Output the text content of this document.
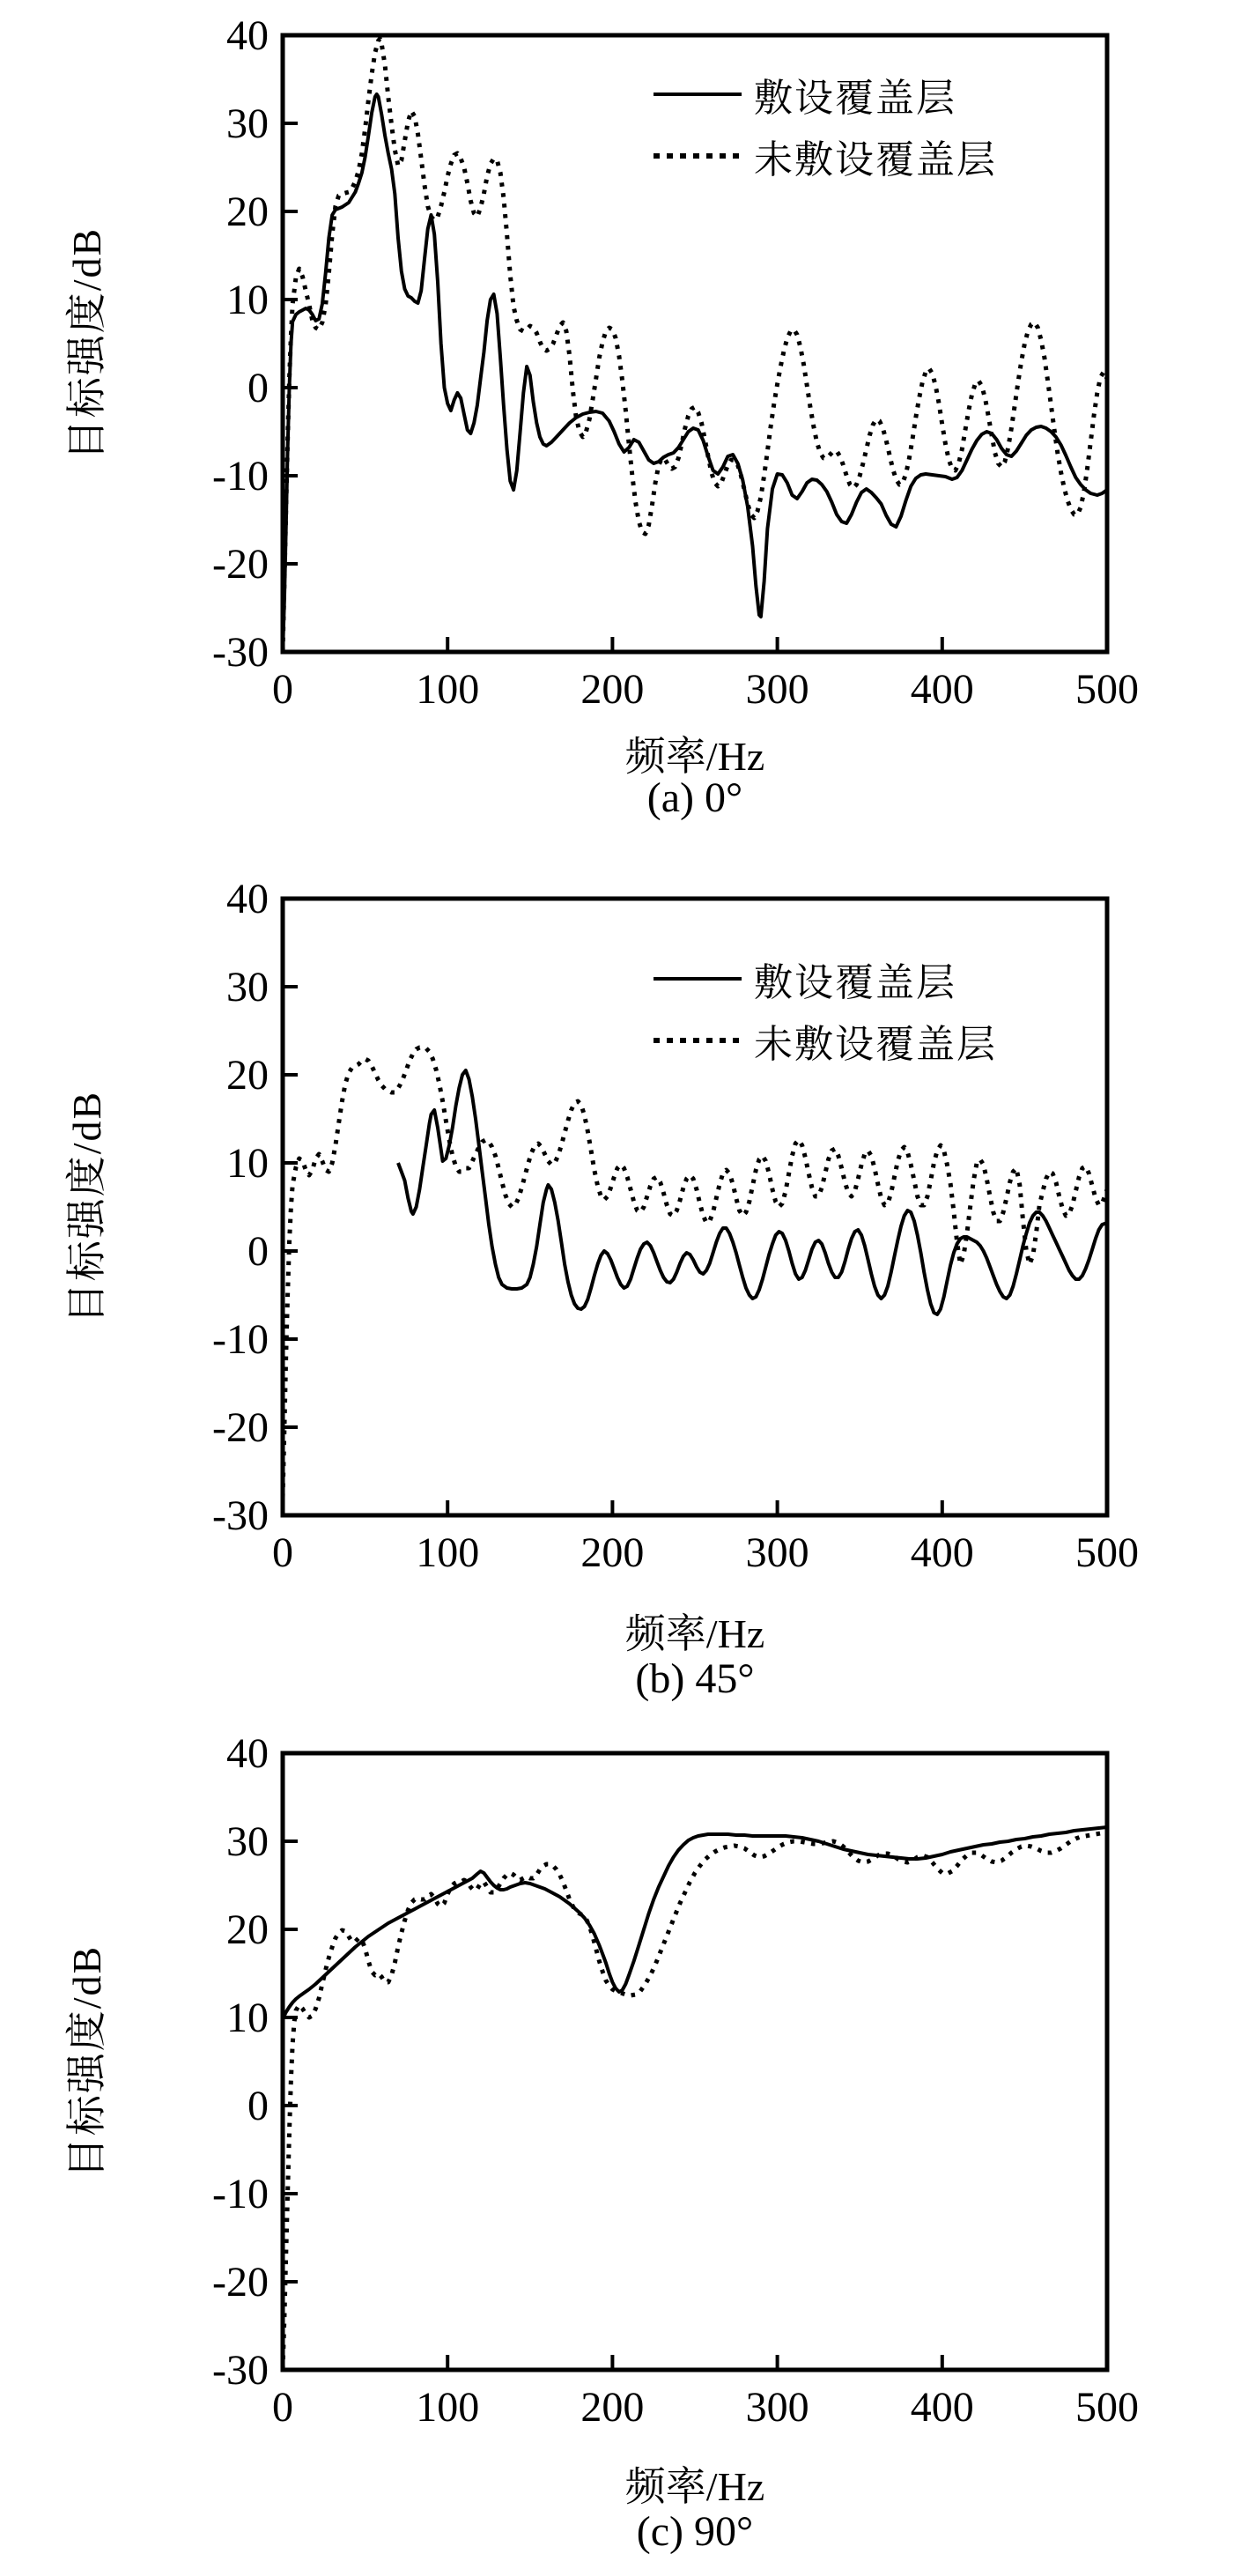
0	100 200 300 400 500
40
30
20
10
0
-10
-20
-30
目标强度/dB
频率/Hz
(a) 0°
敷设覆盖层
未敷设覆盖层
0	100 200 300 400 500
40
30
20
10
0
-10
-20
-30
目标强度/dB
频率/Hz
(b) 45°
敷设覆盖层
未敷设覆盖层
0	100 200 300 400 500
40
30
20
10
0
-10
-20
-30
目标强度/dB
频率/Hz
(c) 90°
